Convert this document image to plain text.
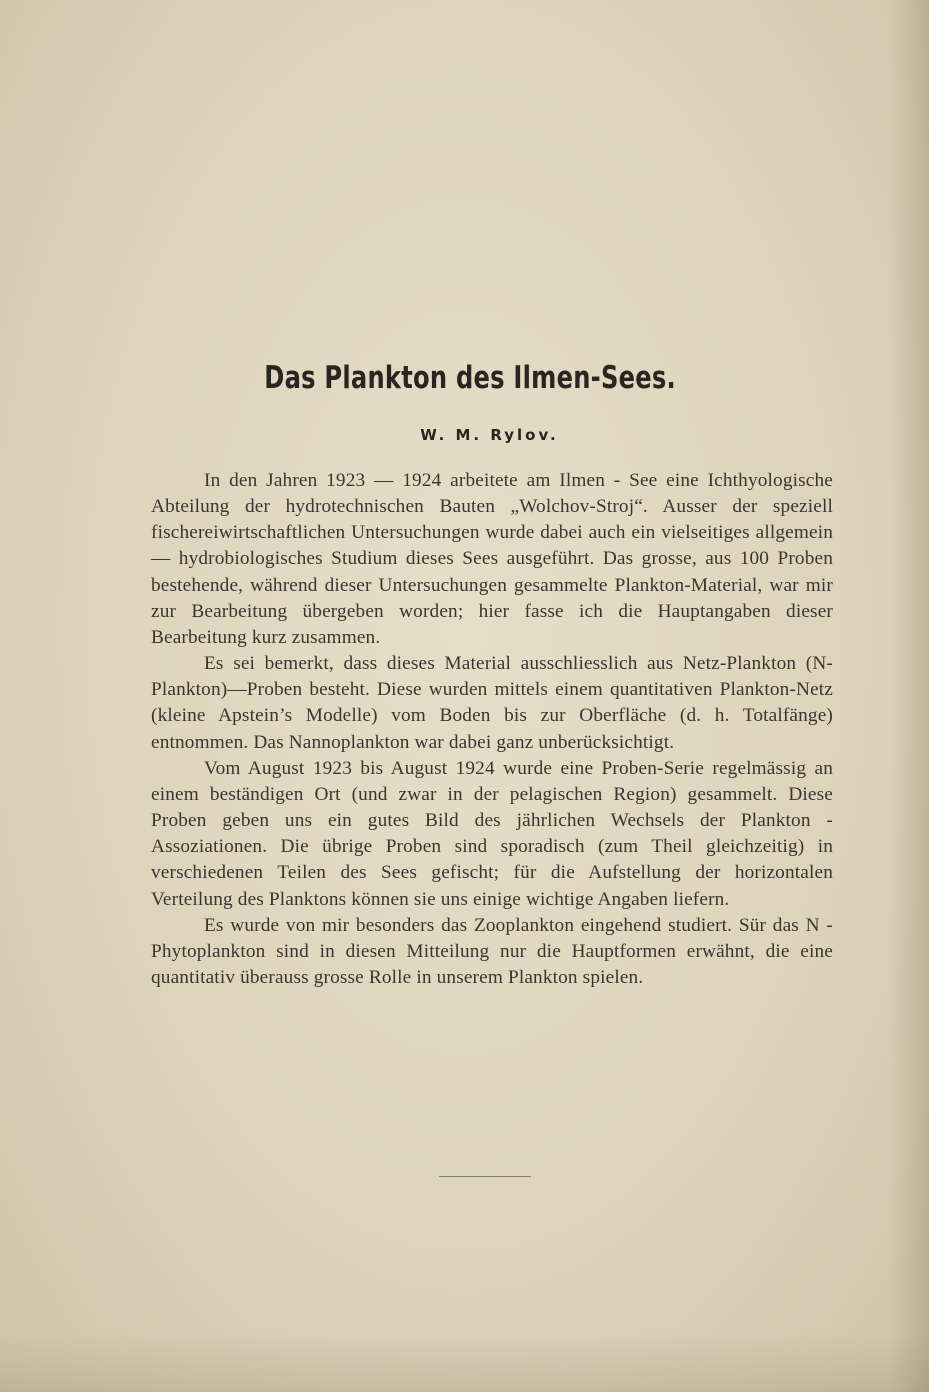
Das Plankton des Ilmen-Sees.
W. M. Rylov.

In den Jahren 1923 — 1924 arbeitete am Ilmen - See eine Ichthyologische Abteilung der hydrotechnischen Bauten „Wolchov-Stroj“. Ausser der speziell fischereiwirtschaftlichen Untersuchungen wurde dabei auch ein vielseitiges allgemein — hydrobiologisches Studium dieses Sees ausgeführt. Das grosse, aus 100 Proben bestehende, während dieser Untersuchungen gesammelte Plankton-Material, war mir zur Bearbeitung übergeben worden; hier fasse ich die Hauptangaben dieser Bearbeitung kurz zusammen.

Es sei bemerkt, dass dieses Material ausschliesslich aus Netz-Plankton (N-Plankton)—Proben besteht. Diese wurden mittels einem quantitativen Plankton-Netz (kleine Apstein’s Modelle) vom Boden bis zur Oberfläche (d. h. Totalfänge) entnommen. Das Nannoplankton war dabei ganz unberücksichtigt.

Vom August 1923 bis August 1924 wurde eine Proben-Serie regelmässig an einem beständigen Ort (und zwar in der pelagischen Region) gesammelt. Diese Proben geben uns ein gutes Bild des jährlichen Wechsels der Plankton - Assoziationen. Die übrige Proben sind sporadisch (zum Theil gleichzeitig) in verschiedenen Teilen des Sees gefischt; für die Aufstellung der horizontalen Verteilung des Planktons können sie uns einige wichtige Angaben liefern.

Es wurde von mir besonders das Zooplankton eingehend studiert. Sür das N - Phytoplankton sind in diesen Mitteilung nur die Hauptformen erwähnt, die eine quantitativ überauss grosse Rolle in unserem Plankton spielen.
